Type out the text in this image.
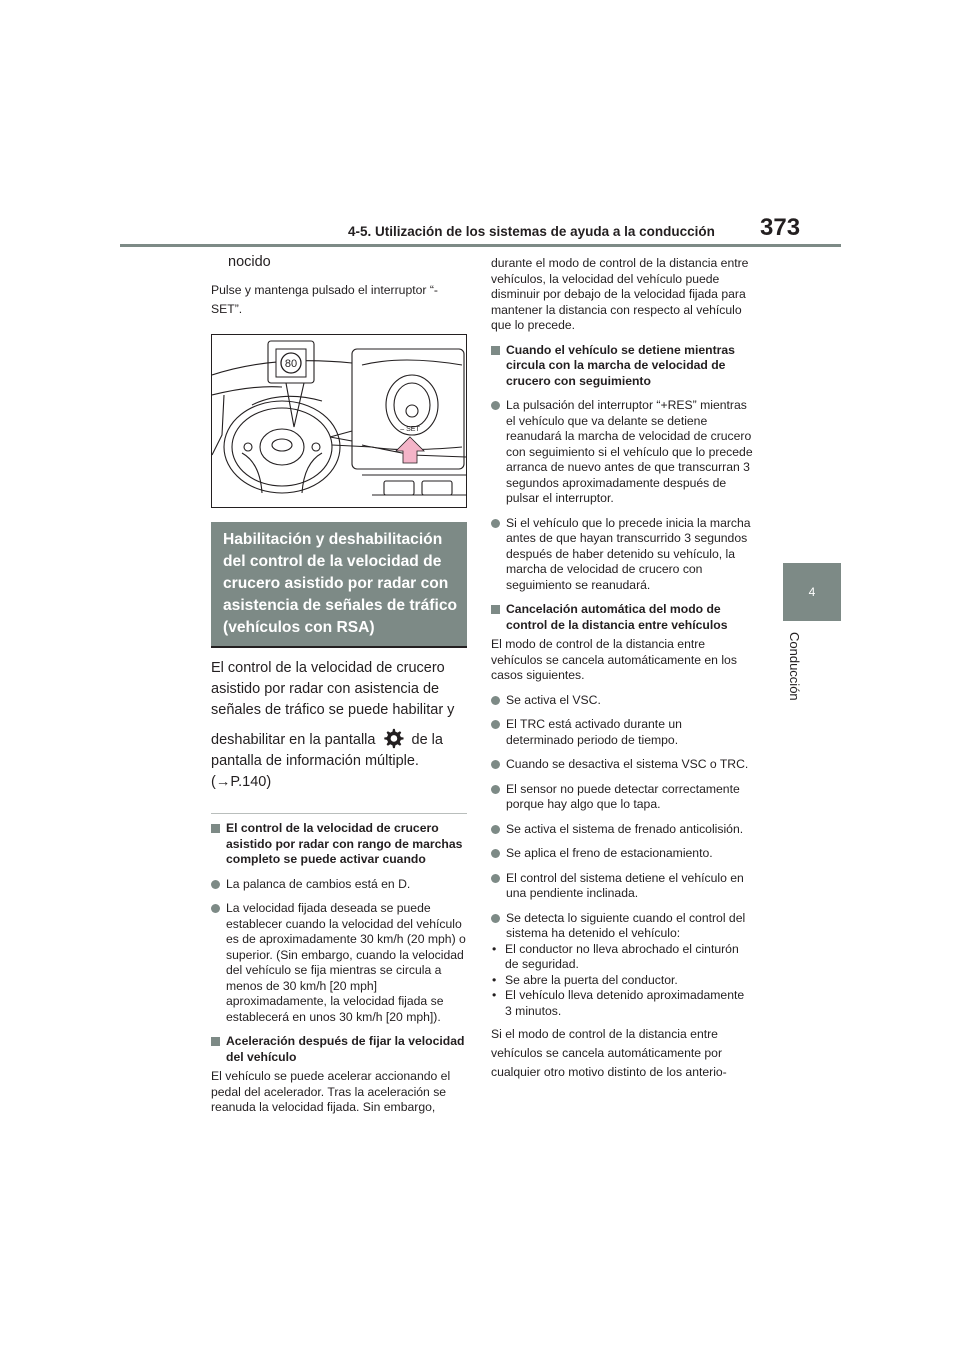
4-5. Utilización de los sistemas de ayuda a la conducción 373
4
Conducción

nocido

Pulse y mantenga pulsado el interruptor “-SET”.

80
– SET
Habilitación y deshabilitación del control de la velocidad de crucero asistido por radar con asistencia de señales de tráfico (vehículos con RSA)

El control de la velocidad de crucero asistido por radar con asistencia de señales de tráfico se puede habilitar y

deshabilitar en la pantalla de la pantalla de información múltiple.

(→P.140)

El control de la velocidad de crucero asistido por radar con rango de marchas completo se puede activar cuando
La palanca de cambios está en D.
La velocidad fijada deseada se puede establecer cuando la velocidad del vehículo es de aproximadamente 30 km/h (20 mph) o superior. (Sin embargo, cuando la velocidad del vehículo se fija mientras se circula a menos de 30 km/h [20 mph] aproximadamente, la velocidad fijada se establecerá en unos 30 km/h [20 mph]).
Aceleración después de fijar la velocidad del vehículo

El vehículo se puede acelerar accionando el pedal del acelerador. Tras la aceleración se reanuda la velocidad fijada. Sin embargo,

durante el modo de control de la distancia entre vehículos, la velocidad del vehículo puede disminuir por debajo de la velocidad fijada para mantener la distancia con respecto al vehículo que lo precede.

Cuando el vehículo se detiene mientras circula con la marcha de velocidad de crucero con seguimiento
La pulsación del interruptor “+RES” mientras el vehículo que va delante se detiene reanudará la marcha de velocidad de crucero con seguimiento si el vehículo que lo precede arranca de nuevo antes de que transcurran 3 segundos aproximadamente después de pulsar el interruptor.
Si el vehículo que lo precede inicia la marcha antes de que hayan transcurrido 3 segundos después de haber detenido su vehículo, la marcha de velocidad de crucero con seguimiento se reanudará.
Cancelación automática del modo de control de la distancia entre vehículos

El modo de control de la distancia entre vehículos se cancela automáticamente en los casos siguientes.

Se activa el VSC.
El TRC está activado durante un determinado periodo de tiempo.
Cuando se desactiva el sistema VSC o TRC.
El sensor no puede detectar correctamente porque hay algo que lo tapa.
Se activa el sistema de frenado anticolisión.
Se aplica el freno de estacionamiento.
El control del sistema detiene el vehículo en una pendiente inclinada.
Se detecta lo siguiente cuando el control del sistema ha detenido el vehículo:
• El conductor no lleva abrochado el cinturón de seguridad.
• Se abre la puerta del conductor.
• El vehículo lleva detenido aproximadamente 3 minutos.

Si el modo de control de la distancia entre vehículos se cancela automáticamente por cualquier otro motivo distinto de los anterio-
